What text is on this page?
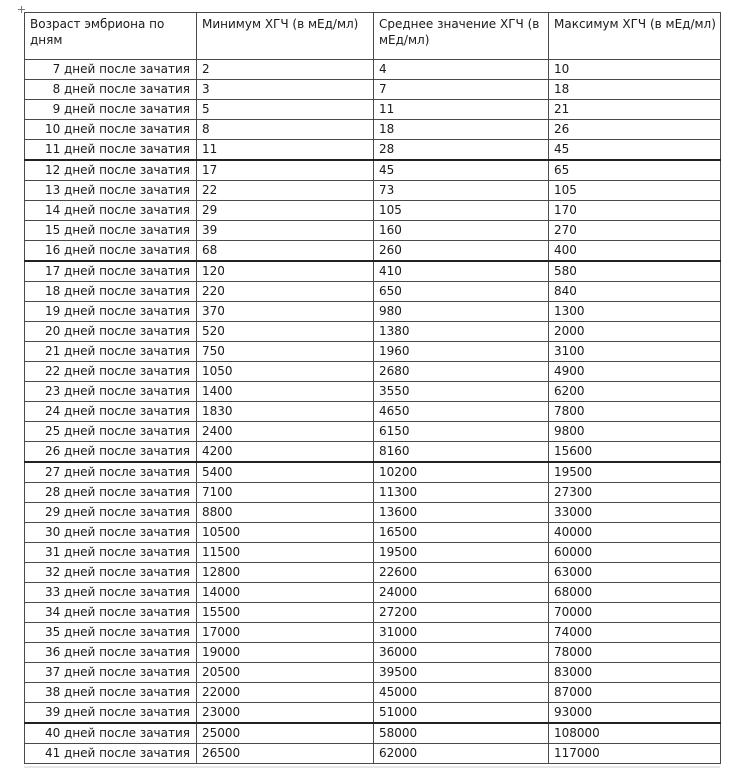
Возраст эмбриона по дням	Минимум ХГЧ (в мЕд/мл)	Среднее значение ХГЧ (в мЕд/мл)	Максимум ХГЧ (в мЕд/мл)
7 дней после зачатия	2	4	10
8 дней после зачатия	3	7	18
9 дней после зачатия	5	11	21
10 дней после зачатия	8	18	26
11 дней после зачатия	11	28	45
12 дней после зачатия	17	45	65
13 дней после зачатия	22	73	105
14 дней после зачатия	29	105	170
15 дней после зачатия	39	160	270
16 дней после зачатия	68	260	400
17 дней после зачатия	120	410	580
18 дней после зачатия	220	650	840
19 дней после зачатия	370	980	1300
20 дней после зачатия	520	1380	2000
21 дней после зачатия	750	1960	3100
22 дней после зачатия	1050	2680	4900
23 дней после зачатия	1400	3550	6200
24 дней после зачатия	1830	4650	7800
25 дней после зачатия	2400	6150	9800
26 дней после зачатия	4200	8160	15600
27 дней после зачатия	5400	10200	19500
28 дней после зачатия	7100	11300	27300
29 дней после зачатия	8800	13600	33000
30 дней после зачатия	10500	16500	40000
31 дней после зачатия	11500	19500	60000
32 дней после зачатия	12800	22600	63000
33 дней после зачатия	14000	24000	68000
34 дней после зачатия	15500	27200	70000
35 дней после зачатия	17000	31000	74000
36 дней после зачатия	19000	36000	78000
37 дней после зачатия	20500	39500	83000
38 дней после зачатия	22000	45000	87000
39 дней после зачатия	23000	51000	93000
40 дней после зачатия	25000	58000	108000
41 дней после зачатия	26500	62000	117000
